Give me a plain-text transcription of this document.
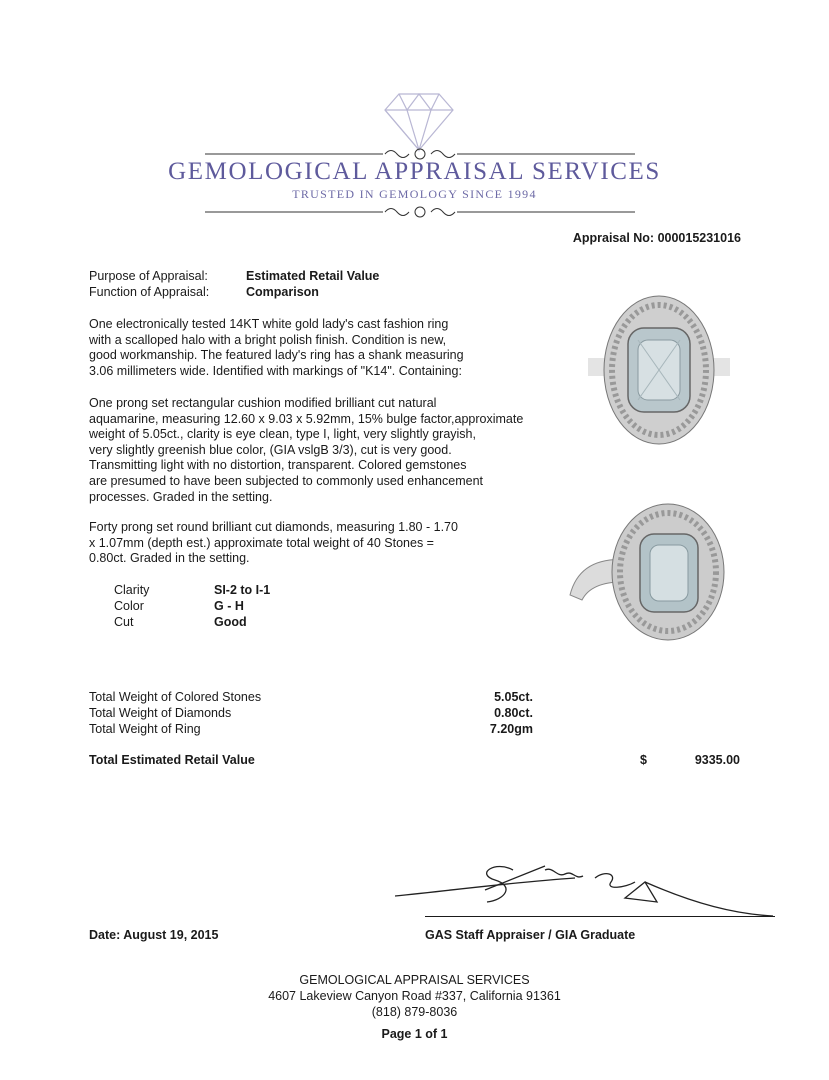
GEMOLOGICAL APPRAISAL SERVICES
TRUSTED IN GEMOLOGY SINCE 1994
Appraisal No: 000015231016
Purpose of Appraisal:	Estimated Retail Value
Function of Appraisal:	Comparison
One electronically tested 14KT white gold lady's cast fashion ring
with a scalloped halo with a bright polish finish. Condition is new,
good workmanship. The featured lady's ring has a shank measuring
3.06 millimeters wide. Identified with markings of "K14". Containing:
One prong set rectangular cushion modified brilliant cut natural
aquamarine, measuring 12.60 x 9.03 x 5.92mm, 15% bulge factor,approximate
weight of 5.05ct., clarity is eye clean, type I, light, very slightly grayish,
very slightly greenish blue color, (GIA vslgB 3/3), cut is very good.
Transmitting light with no distortion, transparent. Colored gemstones
are presumed to have been subjected to commonly used enhancement
processes. Graded in the setting.
Forty prong set round brilliant cut diamonds, measuring 1.80 - 1.70
x 1.07mm (depth est.) approximate total weight of 40 Stones =
0.80ct. Graded in the setting.
Clarity	SI-2 to I-1
Color	G - H
Cut	Good
Total Weight of Colored Stones	5.05ct.
Total Weight of Diamonds	0.80ct.
Total Weight of Ring	7.20gm
Total Estimated Retail Value	$	9335.00
Date: August 19, 2015	GAS Staff Appraiser / GIA Graduate
GEMOLOGICAL APPRAISAL SERVICES
4607 Lakeview Canyon Road #337, California 91361
(818) 879-8036
Page 1 of 1
